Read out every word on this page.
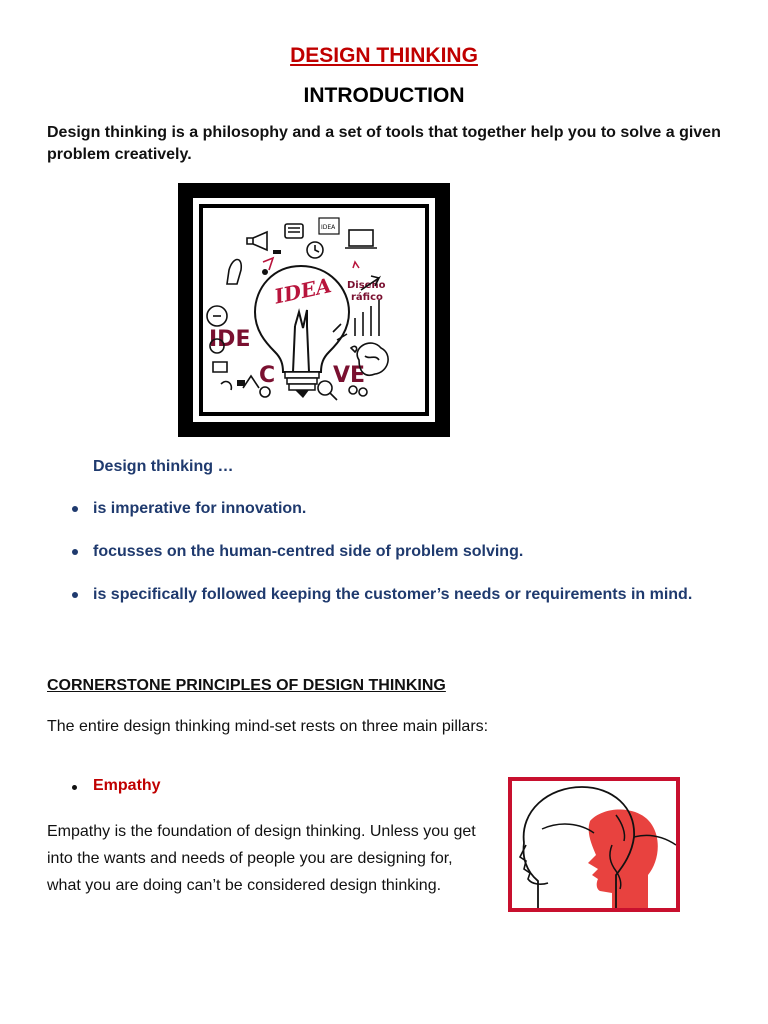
DESIGN THINKING
INTRODUCTION
Design thinking is a philosophy and a set of tools that together help you to solve a given problem creatively.
IDEA
IDE
C	VE
Diseño
ráfico
IDEA
Design thinking …
is imperative for innovation.
focusses on the human-centred side of problem solving.
is specifically followed keeping the customer’s needs or requirements in mind.
CORNERSTONE PRINCIPLES OF DESIGN THINKING
The entire design thinking mind-set rests on three main pillars:
Empathy
Empathy is the foundation of design thinking. Unless you get into the wants and needs of people you are designing for, what you are doing can’t be considered design thinking.
